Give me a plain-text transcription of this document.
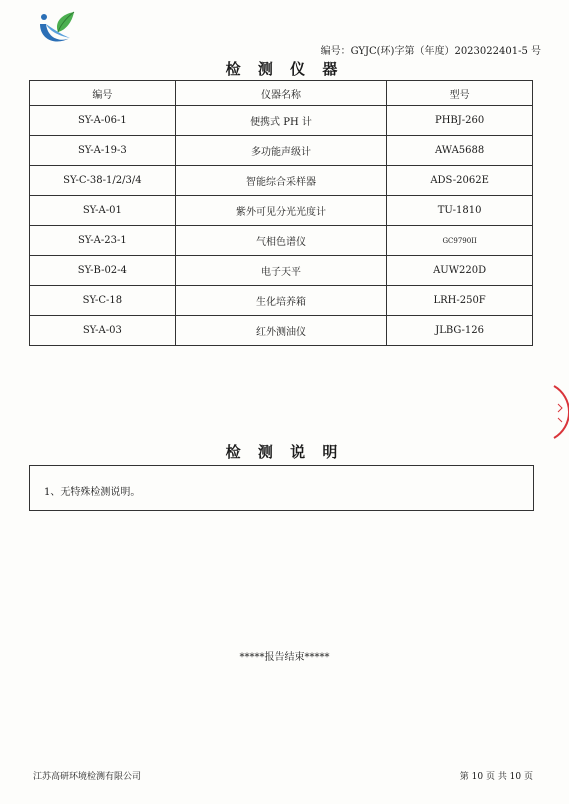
编号：GYJC(环)字第（年度）2023022401-5 号
检 测 仪 器
编号	仪器名称	型号
SY-A-06-1	便携式 PH 计	PHBJ-260
SY-A-19-3	多功能声级计	AWA5688
SY-C-38-1/2/3/4	智能综合采样器	ADS-2062E
SY-A-01	紫外可见分光光度计	TU-1810
SY-A-23-1	气相色谱仪	GC9790II
SY-B-02-4	电子天平	AUW220D
SY-C-18	生化培养箱	LRH-250F
SY-A-03	红外测油仪	JLBG-126
检 测 说 明
1、无特殊检测说明。
*****报告结束*****
江苏高研环境检测有限公司	第 10 页 共 10 页
